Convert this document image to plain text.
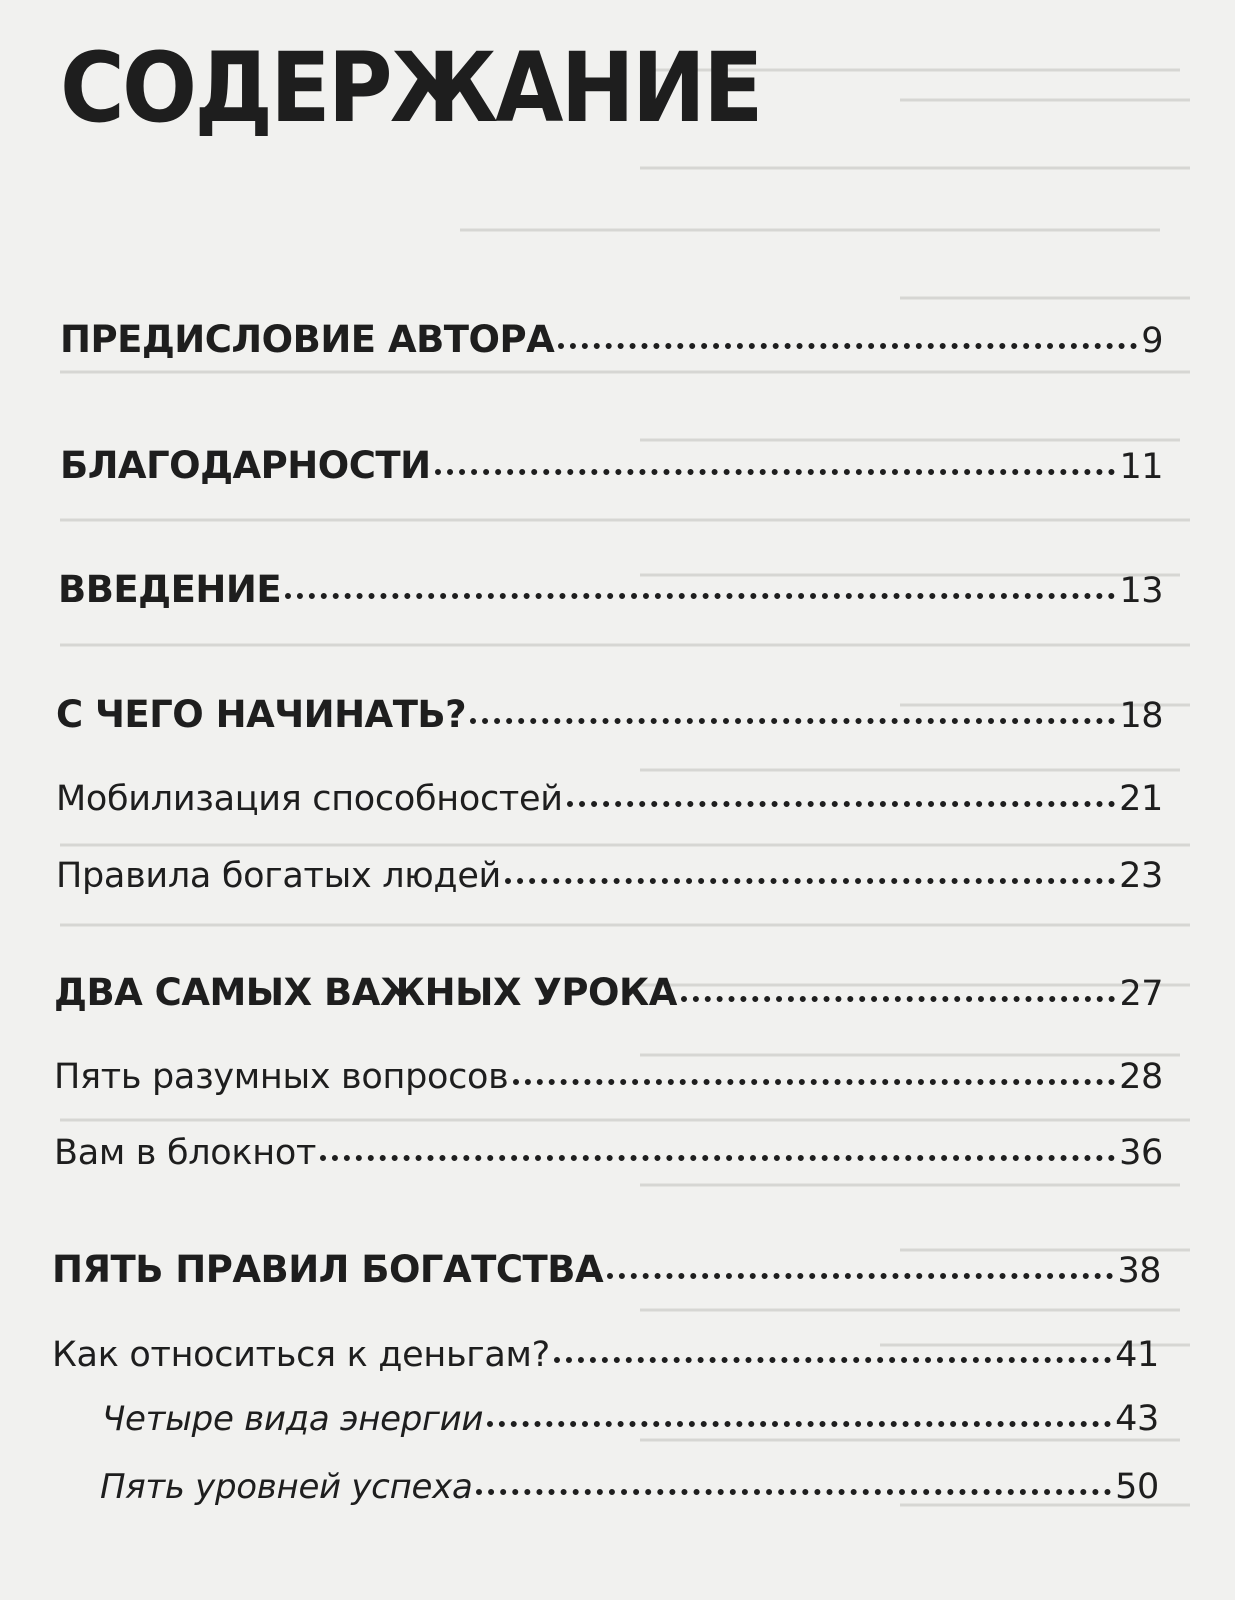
СОДЕРЖАНИЕ
ПРЕДИСЛОВИЕ АВТОРА	9
БЛАГОДАРНОСТИ	11
ВВЕДЕНИЕ	13
С ЧЕГО НАЧИНАТЬ?	18
Мобилизация способностей	21
Правила богатых людей	23
ДВА САМЫХ ВАЖНЫХ УРОКА	27
Пять разумных вопросов	28
Вам в блокнот	36
ПЯТЬ ПРАВИЛ БОГАТСТВА	38
Как относиться к деньгам?	41
Четыре вида энергии	43
Пять уровней успеха	50
